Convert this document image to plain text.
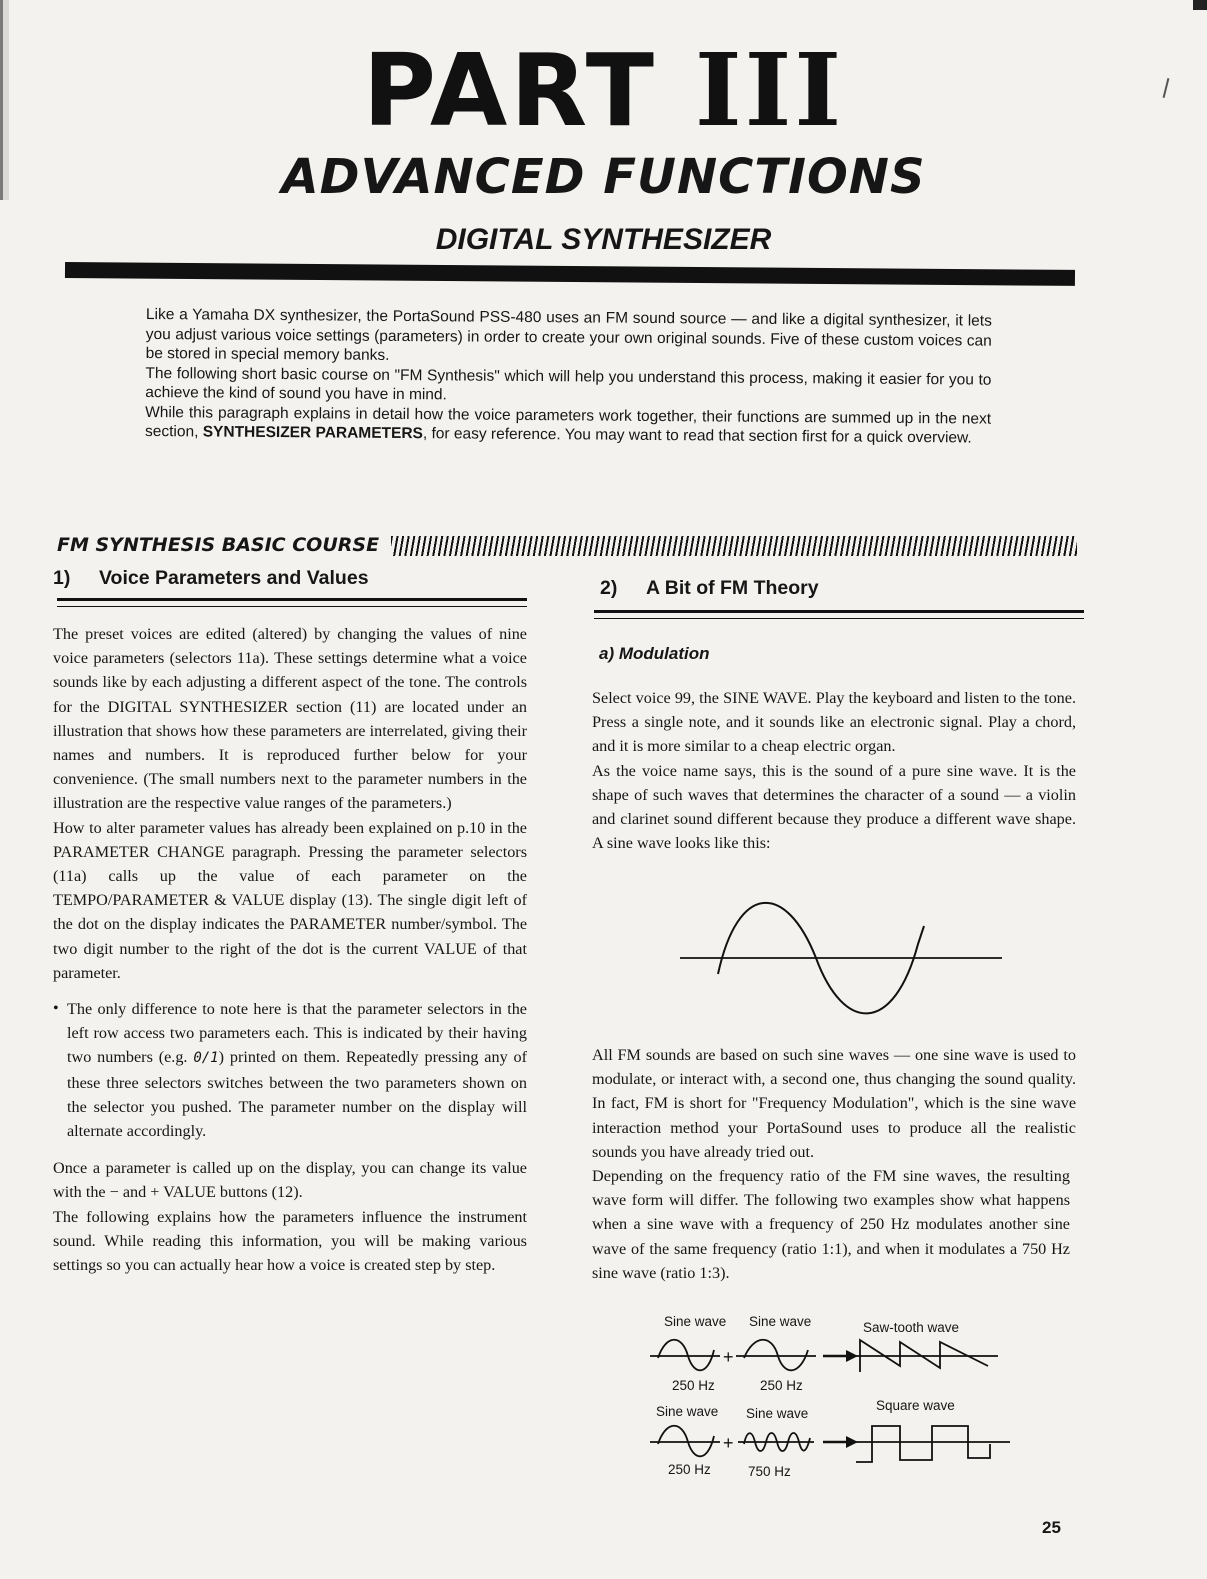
PART III
ADVANCED FUNCTIONS
DIGITAL SYNTHESIZER

Like a Yamaha DX synthesizer, the PortaSound PSS-480 uses an FM sound source — and like a digital synthesizer, it lets you adjust various voice settings (parameters) in order to create your own original sounds. Five of these custom voices can be stored in special memory banks.

The following short basic course on "FM Synthesis" which will help you understand this process, making it easier for you to achieve the kind of sound you have in mind.

While this paragraph explains in detail how the voice parameters work together, their functions are summed up in the next section, SYNTHESIZER PARAMETERS, for easy reference. You may want to read that section first for a quick overview.

FM SYNTHESIS BASIC COURSE
1) Voice Parameters and Values

The preset voices are edited (altered) by changing the values of nine voice parameters (selectors 11a). These settings determine what a voice sounds like by each adjusting a different aspect of the tone. The controls for the DIGITAL SYNTHESIZER section (11) are located under an illustration that shows how these parameters are interrelated, giving their names and numbers. It is reproduced further below for your convenience. (The small numbers next to the parameter numbers in the illustration are the respective value ranges of the parameters.)

How to alter parameter values has already been explained on p.10 in the PARAMETER CHANGE paragraph. Pressing the parameter selectors (11a) calls up the value of each parameter on the TEMPO/PARAMETER & VALUE display (13). The single digit left of the dot on the display indicates the PARAMETER number/symbol. The two digit number to the right of the dot is the current VALUE of that parameter.

• The only difference to note here is that the parameter selectors in the left row access two parameters each. This is indicated by their having two numbers (e.g. 0/1) printed on them. Repeatedly pressing any of these three selectors switches between the two parameters shown on the selector you pushed. The parameter number on the display will alternate accordingly.

Once a parameter is called up on the display, you can change its value with the − and + VALUE buttons (12).

The following explains how the parameters influence the instrument sound. While reading this information, you will be making various settings so you can actually hear how a voice is created step by step.

2) A Bit of FM Theory
a) Modulation

Select voice 99, the SINE WAVE. Play the keyboard and listen to the tone. Press a single note, and it sounds like an electronic signal. Play a chord, and it is more similar to a cheap electric organ.

As the voice name says, this is the sound of a pure sine wave. It is the shape of such waves that determines the character of a sound — a violin and clarinet sound different because they produce a different wave shape. A sine wave looks like this:

All FM sounds are based on such sine waves — one sine wave is used to modulate, or interact with, a second one, thus changing the sound quality. In fact, FM is short for "Frequency Modulation", which is the sine wave interaction method your PortaSound uses to produce all the realistic sounds you have already tried out.

Depending on the frequency ratio of the FM sine waves, the resulting wave form will differ. The following two examples show what happens when a sine wave with a frequency of 250 Hz modulates another sine wave of the same frequency (ratio 1:1), and when it modulates a 750 Hz sine wave (ratio 1:3).

Sine wave Sine wave	Saw-tooth wave
+
250 Hz	250 Hz
Sine wave Sine wave
Square wave
+
250 Hz	750 Hz
25
